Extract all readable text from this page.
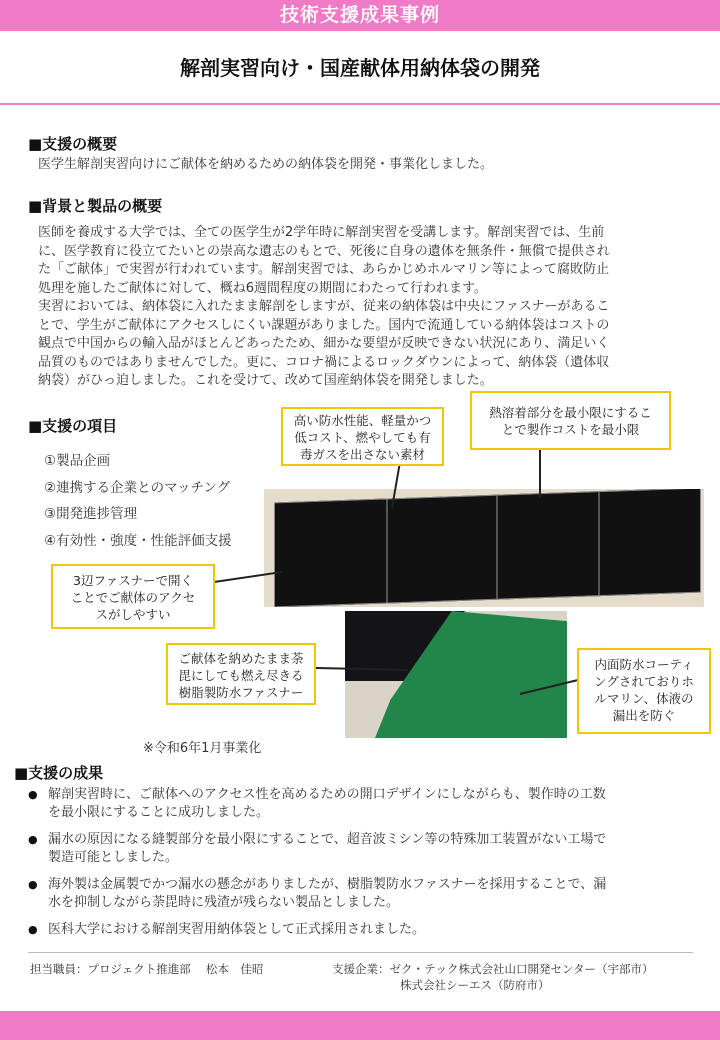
技術支援成果事例
解剖実習向け・国産献体用納体袋の開発
■支援の概要
医学生解剖実習向けにご献体を納めるための納体袋を開発・事業化しました。
■背景と製品の概要
医師を養成する大学では、全ての医学生が2学年時に解剖実習を受講します。解剖実習では、生前
に、医学教育に役立てたいとの崇高な遺志のもとで、死後に自身の遺体を無条件・無償で提供され
た「ご献体」で実習が行われています。解剖実習では、あらかじめホルマリン等によって腐敗防止
処理を施したご献体に対して、概ね6週間程度の期間にわたって行われます。
実習においては、納体袋に入れたまま解剖をしますが、従来の納体袋は中央にファスナーがあるこ
とで、学生がご献体にアクセスしにくい課題がありました。国内で流通している納体袋はコストの
観点で中国からの輸入品がほとんどあったため、細かな要望が反映できない状況にあり、満足いく
品質のものではありませんでした。更に、コロナ禍によるロックダウンによって、納体袋（遺体収
納袋）がひっ迫しました。これを受けて、改めて国産納体袋を開発しました。
■支援の項目
①製品企画
②連携する企業とのマッチング
③開発進捗管理
④有効性・強度・性能評価支援
高い防水性能、軽量かつ
低コスト、燃やしても有
毒ガスを出さない素材
熱溶着部分を最小限にするこ
とで製作コストを最小限
3辺ファスナーで開く
ことでご献体のアクセ
スがしやすい
ご献体を納めたまま荼
毘にしても燃え尽きる
樹脂製防水ファスナー
内面防水コーティ
ングされておりホ
ルマリン、体液の
漏出を防ぐ
※令和6年1月事業化
■支援の成果
● 解剖実習時に、ご献体へのアクセス性を高めるための開口デザインにしながらも、製作時の工数
を最小限にすることに成功しました。
● 漏水の原因になる縫製部分を最小限にすることで、超音波ミシン等の特殊加工装置がない工場で
製造可能としました。
● 海外製は金属製でかつ漏水の懸念がありましたが、樹脂製防水ファスナーを採用することで、漏
水を抑制しながら荼毘時に残渣が残らない製品としました。
● 医科大学における解剖実習用納体袋として正式採用されました。
担当職員：プロジェクト推進部　 松本　佳昭	支援企業：ゼク・テック株式会社山口開発センター（宇部市）
株式会社シーエス（防府市）
